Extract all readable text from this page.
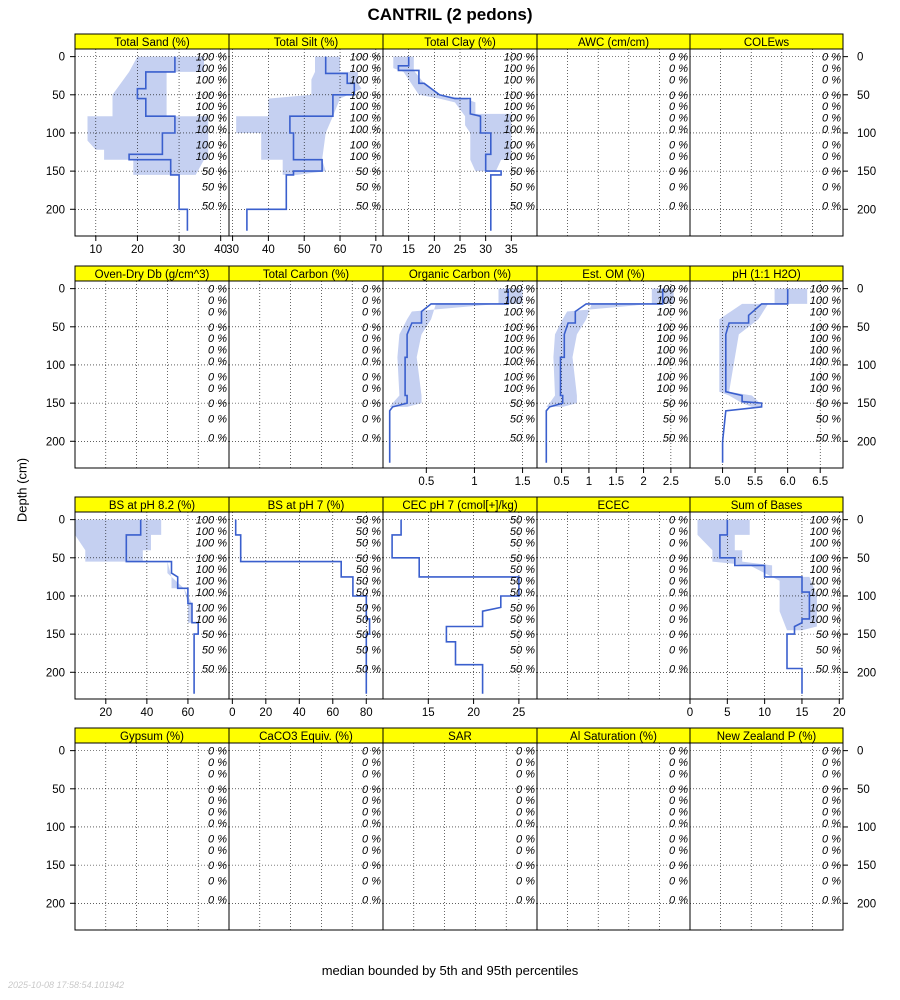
CANTRIL (2 pedons)
Depth (cm)
100 %
100 %
100 %
100 %
100 %
100 %
100 %
100 %
100 %
50 %
50 %
50 %
Total Sand (%)
10	20	30	40
100 %
100 %
100 %
100 %
100 %
100 %
100 %
100 %
100 %
50 %
50 %
50 %
Total Silt (%)
30 40 50 60 70
100 %
100 %
100 %
100 %
100 %
100 %
100 %
100 %
100 %
50 %
50 %
50 %
Total Clay (%)
15 20 25 30 35
0 %
0 %
0 %
0 %
0 %
0 %
0 %
0 %
0 %
0 %
0 %
0 %
AWC (cm/cm)
0 %
0 %
0 %
0 %
0 %
0 %
0 %
0 %
0 %
0 %
0 %
0 %
COLEws
0 %
0 %
0 %
0 %
0 %
0 %
0 %
0 %
0 %
0 %
0 %
0 %
Oven-Dry Db (g/cm^3)
0 %
0 %
0 %
0 %
0 %
0 %
0 %
0 %
0 %
0 %
0 %
0 %
Total Carbon (%)
100 %
100 %
100 %
100 %
100 %
100 %
100 %
100 %
100 %
50 %
50 %
50 %
Organic Carbon (%)
0.5	1	1.5
100 %
100 %
100 %
100 %
100 %
100 %
100 %
100 %
100 %
50 %
50 %
50 %
Est. OM (%)
0.5 1 1.5 2 2.5
100 %
100 %
100 %
100 %
100 %
100 %
100 %
100 %
100 %
50 %
50 %
50 %
pH (1:1 H2O)
5.0 5.5 6.0 6.5
100 %
100 %
100 %
100 %
100 %
100 %
100 %
100 %
100 %
50 %
50 %
50 %
BS at pH 8.2 (%)
20 40 60
50 %
50 %
50 %
50 %
50 %
50 %
50 %
50 %
50 %
50 %
50 %
50 %
BS at pH 7 (%)
0 20 40 60 80
50 %
50 %
50 %
50 %
50 %
50 %
50 %
50 %
50 %
50 %
50 %
50 %
CEC pH 7 (cmol[+]/kg)
15	20	25
0 %
0 %
0 %
0 %
0 %
0 %
0 %
0 %
0 %
0 %
0 %
0 %
ECEC
100 %
100 %
100 %
100 %
100 %
100 %
100 %
100 %
100 %
50 %
50 %
50 %
Sum of Bases
0	5 10 15 20
0 %
0 %
0 %
0 %
0 %
0 %
0 %
0 %
0 %
0 %
0 %
0 %
Gypsum (%)
0 %
0 %
0 %
0 %
0 %
0 %
0 %
0 %
0 %
0 %
0 %
0 %
CaCO3 Equiv. (%)
0 %
0 %
0 %
0 %
0 %
0 %
0 %
0 %
0 %
0 %
0 %
0 %
SAR
0 %
0 %
0 %
0 %
0 %
0 %
0 %
0 %
0 %
0 %
0 %
0 %
Al Saturation (%)
0 %
0 %
0 %
0 %
0 %
0 %
0 %
0 %
0 %
0 %
0 %
0 %
New Zealand P (%)
0	0
50	50
100	100
150	150
200	200
0	0
50	50
100	100
150	150
200	200
0	0
50	50
100	100
150	150
200	200
0	0
50	50
100	100
150	150
200	200
median bounded by 5th and 95th percentiles
2025-10-08 17:58:54.101942
